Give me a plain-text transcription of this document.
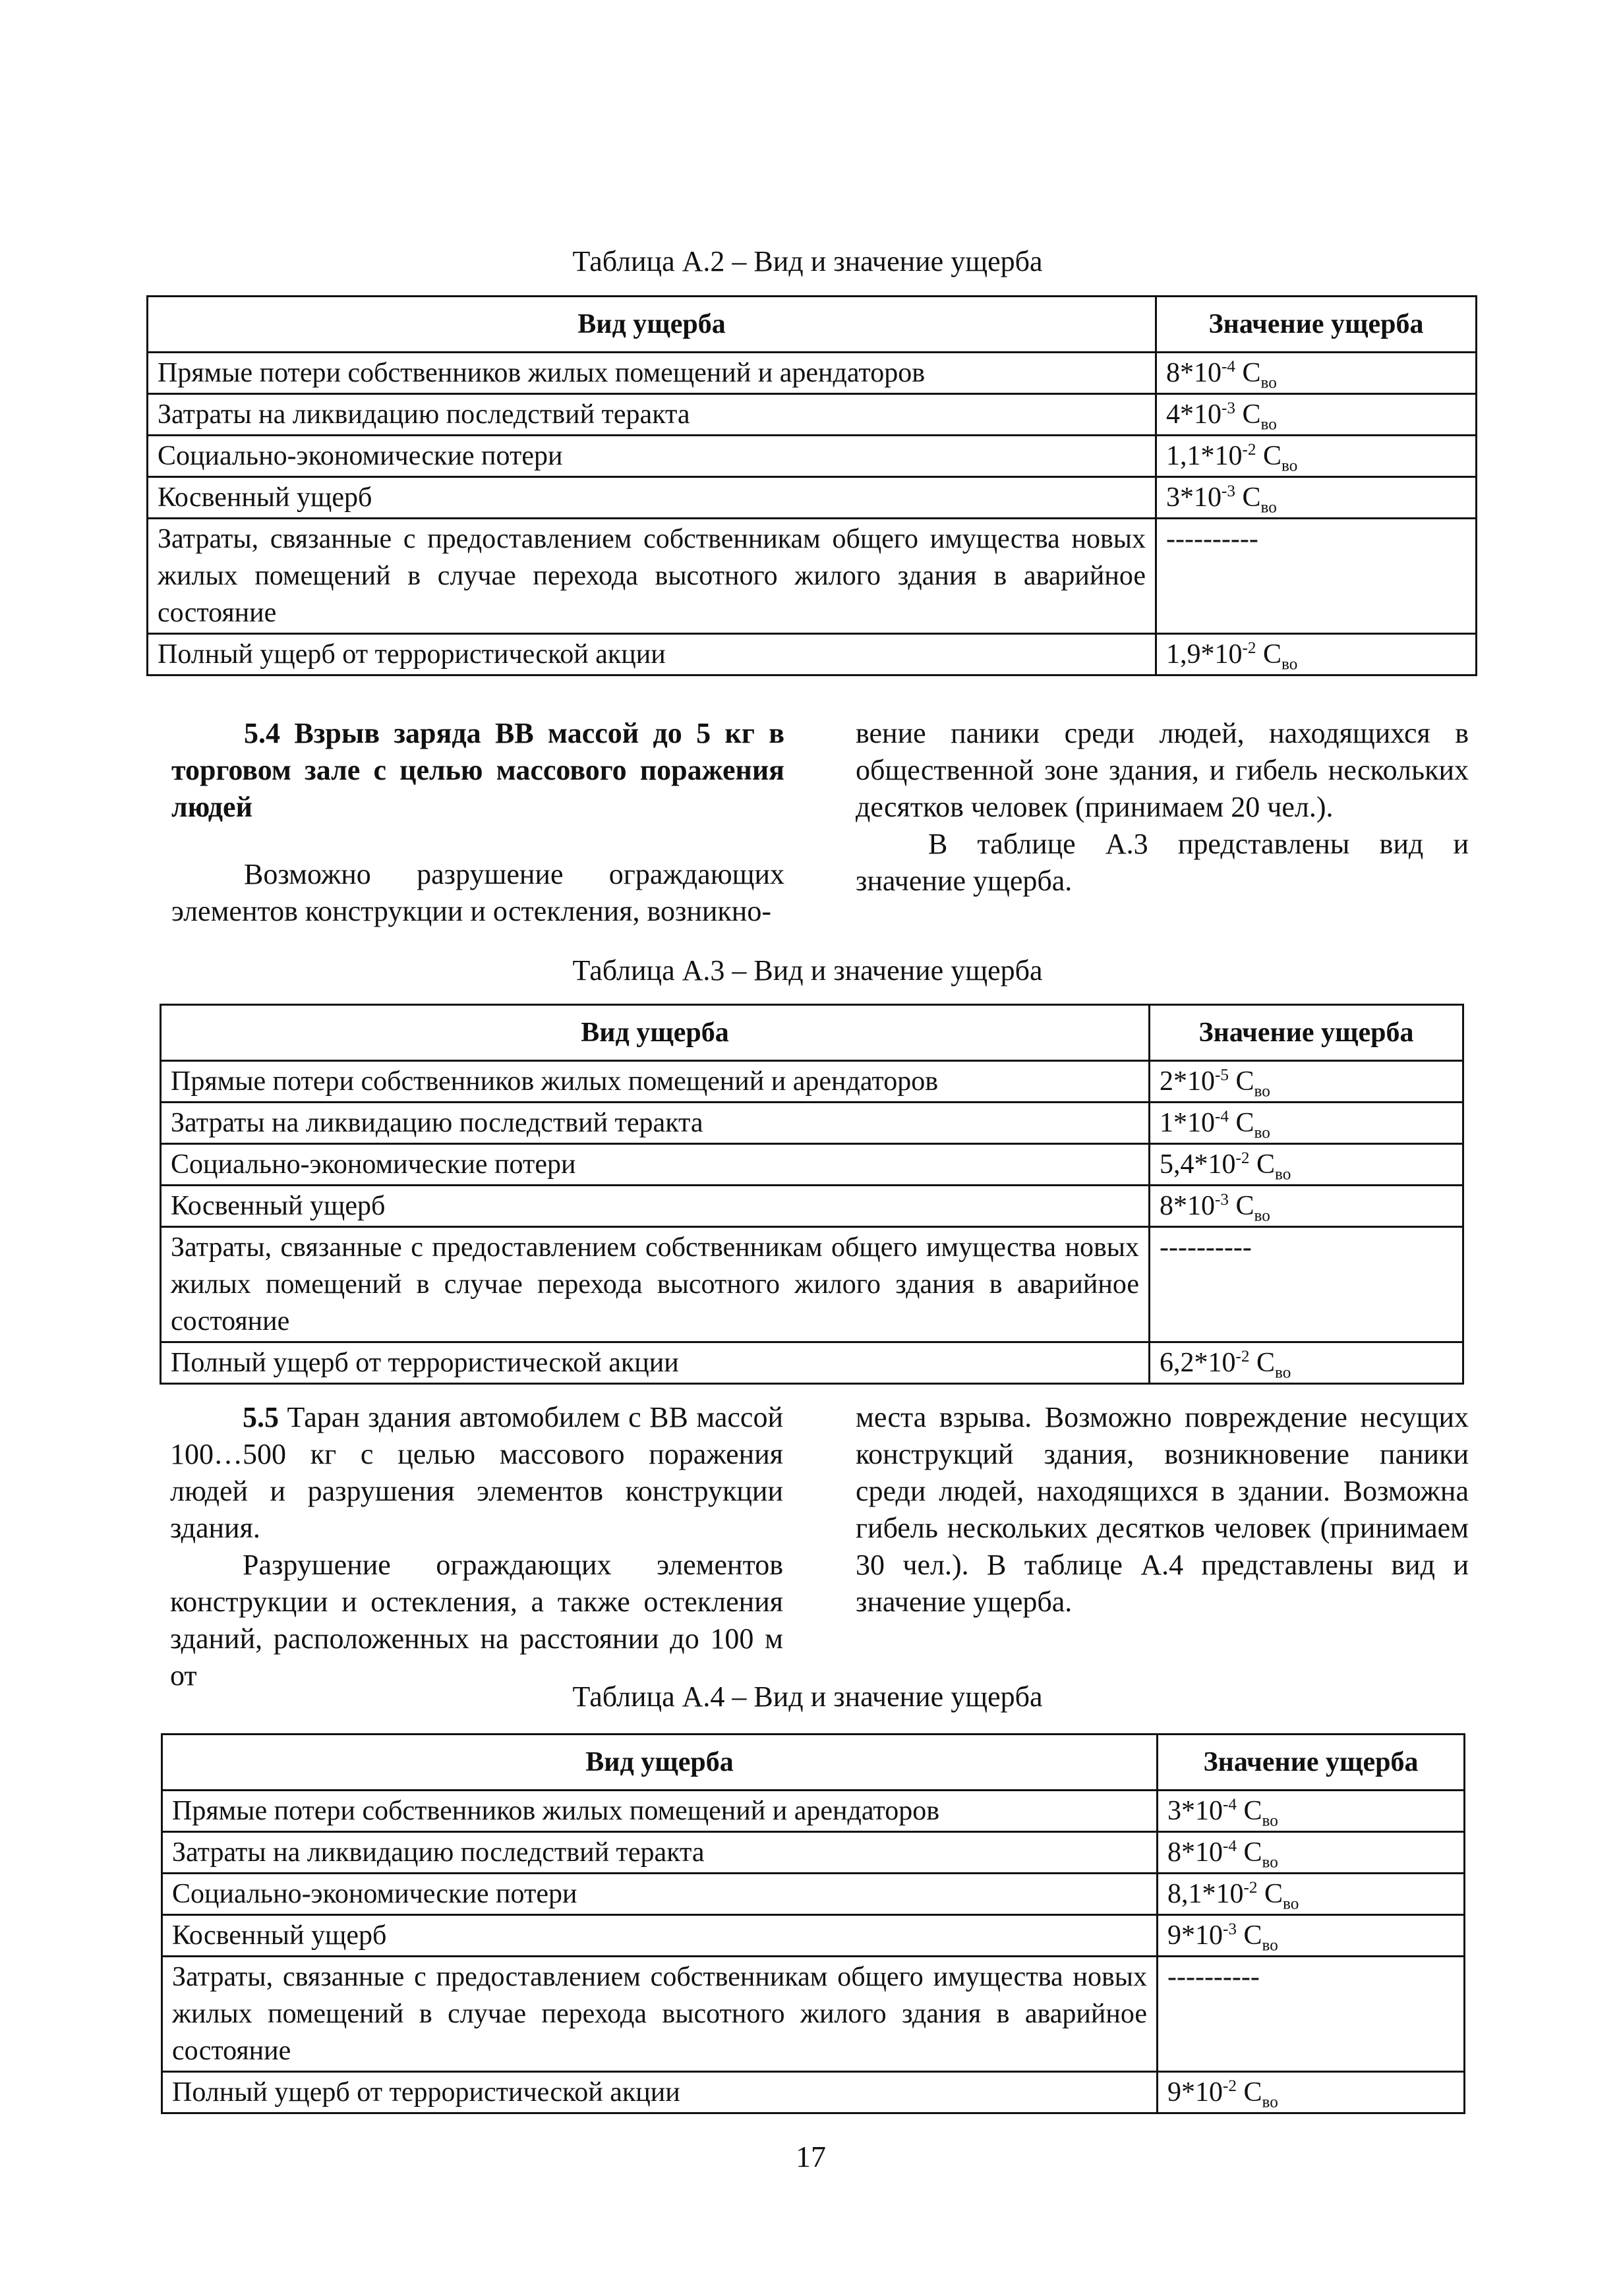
Таблица А.2 – Вид и значение ущерба
Вид ущерба	Значение ущерба
Прямые потери собственников жилых помещений и арендаторов	$8*10^{-4}$ $С_{во}$
Затраты на ликвидацию последствий теракта	$4*10^{-3}$ $С_{во}$
Социально-экономические потери	$1,1*10^{-2}$ $С_{во}$
Косвенный ущерб	$3*10^{-3}$ $С_{во}$
Затраты, связанные с предоставлением собственникам общего имущества новых жилых помещений в случае перехода высотного жилого здания в аварийное состояние	----------
Полный ущерб от террористической акции	$1,9*10^{-2}$ $С_{во}$

5.4 Взрыв заряда ВВ массой до 5 кг в торговом зале с целью массового поражения людей

Возможно разрушение ограждающих элементов конструкции и остекления, возникно-

вение паники среди людей, находящихся в общественной зоне здания, и гибель нескольких десятков человек (принимаем 20 чел.).

В таблице А.3 представлены вид и значение ущерба.

Таблица А.3 – Вид и значение ущерба
Вид ущерба	Значение ущерба
Прямые потери собственников жилых помещений и арендаторов	$2*10^{-5}$ $С_{во}$
Затраты на ликвидацию последствий теракта	$1*10^{-4}$ $С_{во}$
Социально-экономические потери	$5,4*10^{-2}$ $С_{во}$
Косвенный ущерб	$8*10^{-3}$ $С_{во}$
Затраты, связанные с предоставлением собственникам общего имущества новых жилых помещений в случае перехода высотного жилого здания в аварийное состояние	----------
Полный ущерб от террористической акции	$6,2*10^{-2}$ $С_{во}$

5.5 Таран здания автомобилем с ВВ массой 100…500 кг с целью массового поражения людей и разрушения элементов конструкции здания.

Разрушение ограждающих элементов конструкции и остекления, а также остекления зданий, расположенных на расстоянии до 100 м от

места взрыва. Возможно повреждение несущих конструкций здания, возникновение паники среди людей, находящихся в здании. Возможна гибель нескольких десятков человек (принимаем 30 чел.). В таблице А.4 представлены вид и значение ущерба.

Таблица А.4 – Вид и значение ущерба
Вид ущерба	Значение ущерба
Прямые потери собственников жилых помещений и арендаторов	$3*10^{-4}$ $С_{во}$
Затраты на ликвидацию последствий теракта	$8*10^{-4}$ $С_{во}$
Социально-экономические потери	$8,1*10^{-2}$ $С_{во}$
Косвенный ущерб	$9*10^{-3}$ $С_{во}$
Затраты, связанные с предоставлением собственникам общего имущества новых жилых помещений в случае перехода высотного жилого здания в аварийное состояние	----------
Полный ущерб от террористической акции	$9*10^{-2}$ $С_{во}$
17
